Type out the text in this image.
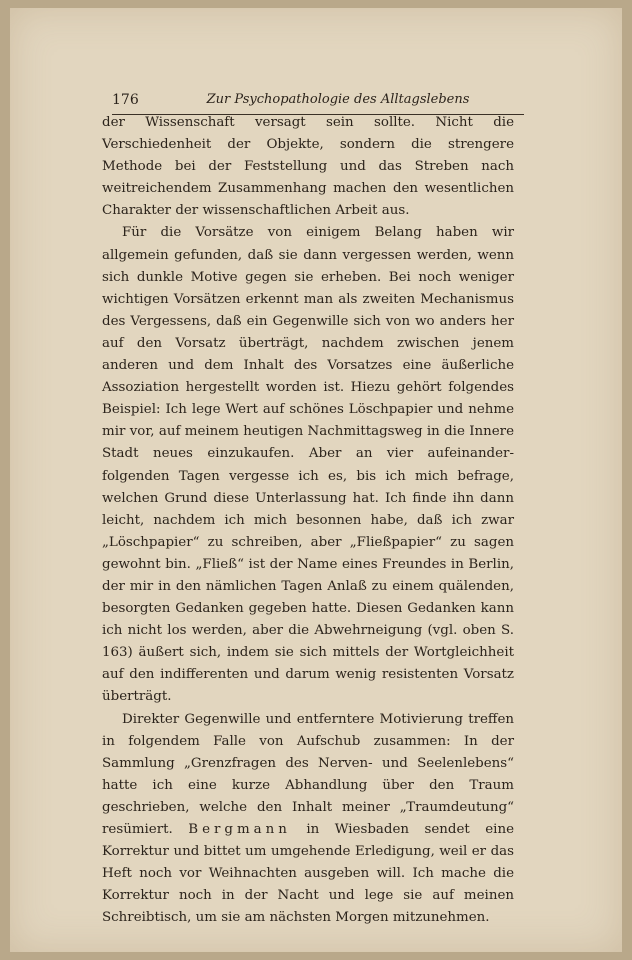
176	Zur Psychopathologie des Alltagslebens

der Wissenschaft versagt sein sollte. Nicht die Verschiedenheit der Objekte, sondern die strengere Methode bei der Feststellung und das Streben nach weitreichendem Zusammenhang machen den wesentlichen Charakter der wissenschaftlichen Arbeit aus.

Für die Vorsätze von einigem Belang haben wir allgemein gefunden, daß sie dann vergessen werden, wenn sich dunkle Motive gegen sie erheben. Bei noch weniger wichtigen Vorsätzen erkennt man als zweiten Mechanismus des Vergessens, daß ein Gegenwille sich von wo anders her auf den Vorsatz überträgt, nachdem zwischen jenem anderen und dem Inhalt des Vorsatzes eine äußerliche Assoziation hergestellt worden ist. Hiezu gehört folgendes Beispiel: Ich lege Wert auf schönes Löschpapier und nehme mir vor, auf meinem heutigen Nachmittagsweg in die Innere Stadt neues einzukaufen. Aber an vier aufeinanderfolgenden Tagen vergesse ich es, bis ich mich befrage, welchen Grund diese Unterlassung hat. Ich finde ihn dann leicht, nachdem ich mich besonnen habe, daß ich zwar „Löschpapier“ zu schreiben, aber „Fließpapier“ zu sagen gewohnt bin. „Fließ“ ist der Name eines Freundes in Berlin, der mir in den nämlichen Tagen Anlaß zu einem quälenden, besorgten Gedanken gegeben hatte. Diesen Gedanken kann ich nicht los werden, aber die Abwehrneigung (vgl. oben S. 163) äußert sich, indem sie sich mittels der Wortgleichheit auf den indifferenten und darum wenig resistenten Vorsatz überträgt.

Direkter Gegenwille und entferntere Motivierung treffen in folgendem Falle von Aufschub zusammen: In der Sammlung „Grenzfragen des Nerven- und Seelenlebens“ hatte ich eine kurze Abhandlung über den Traum geschrieben, welche den Inhalt meiner „Traumdeutung“ resümiert. Bergmann in Wiesbaden sendet eine Korrektur und bittet um umgehende Erledigung, weil er das Heft noch vor Weihnachten ausgeben will. Ich mache die Korrektur noch in der Nacht und lege sie auf meinen Schreibtisch, um sie am nächsten Morgen mitzunehmen.
